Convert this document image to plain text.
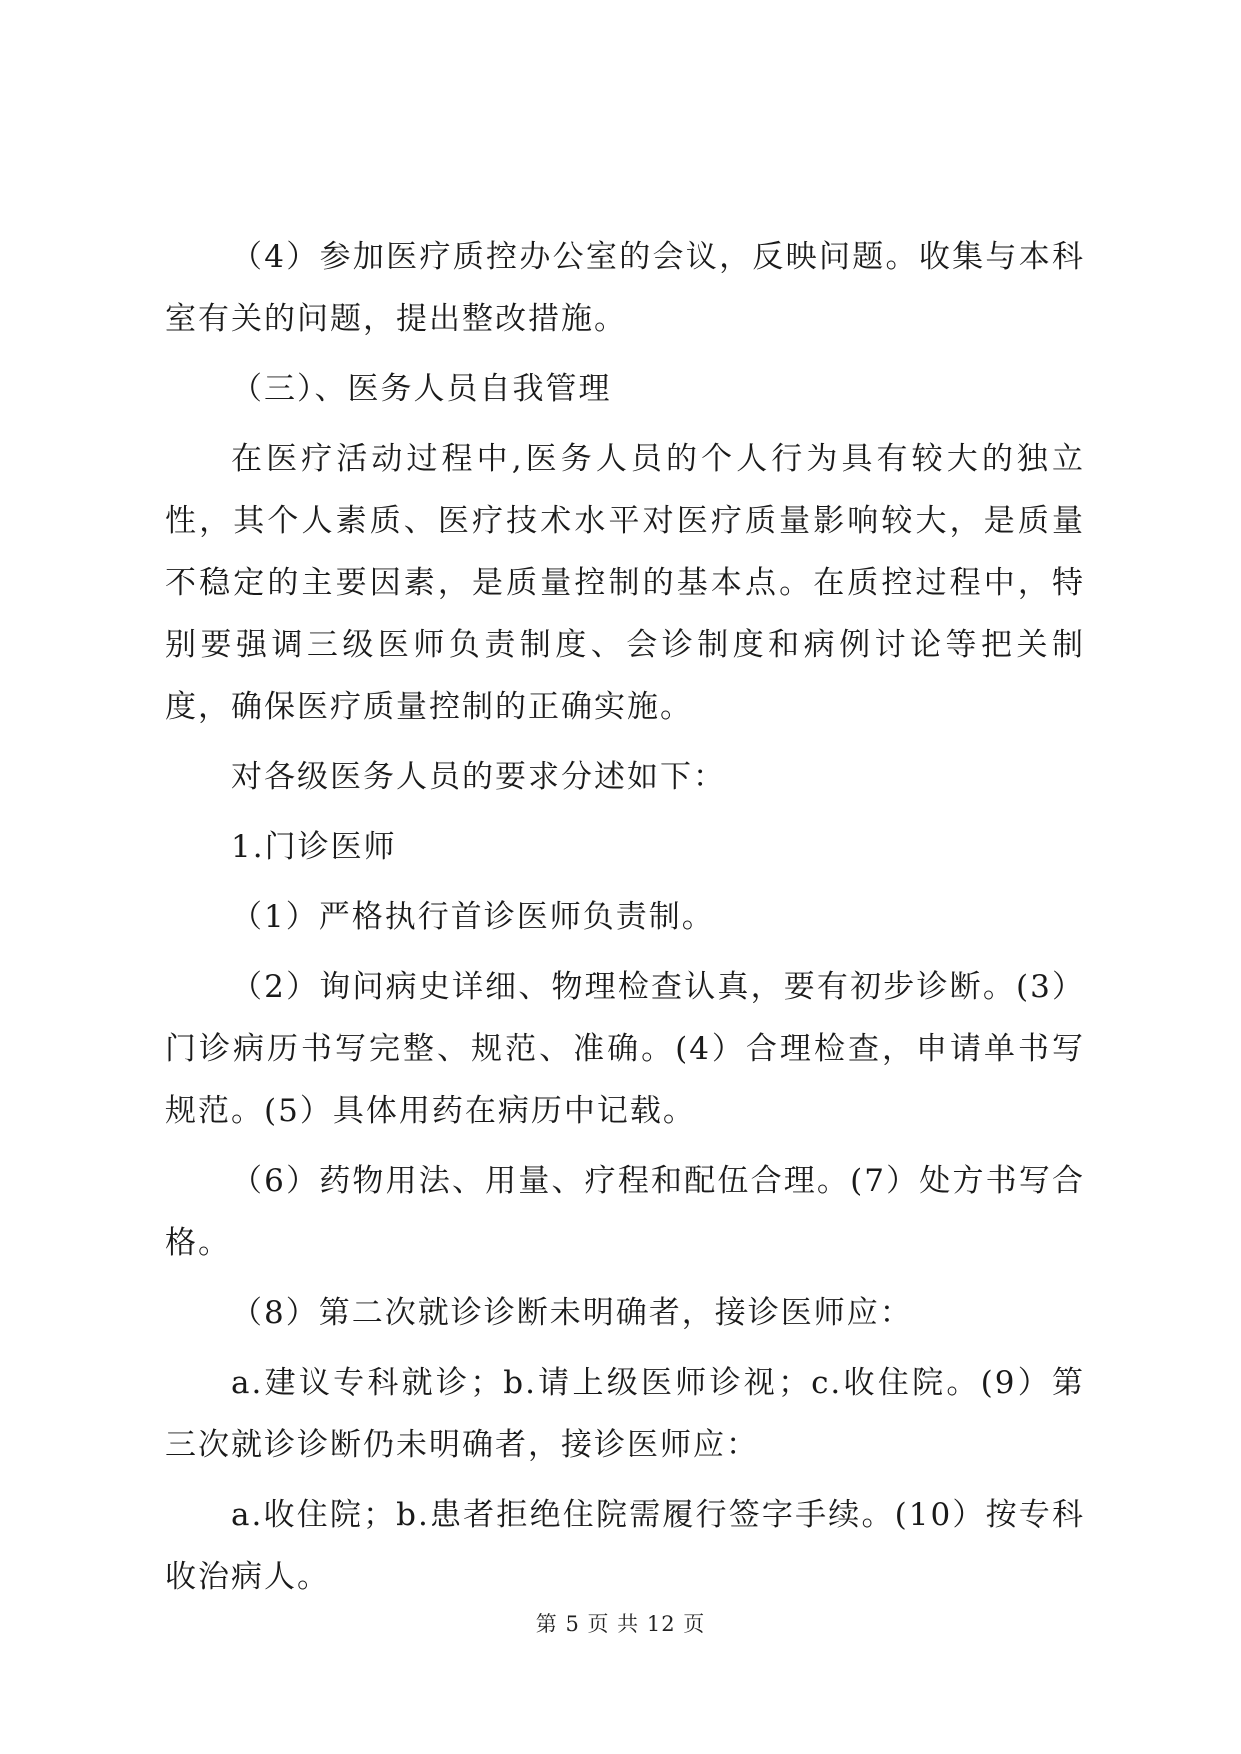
（4）参加医疗质控办公室的会议，反映问题。收集与本科室有关的问题，提出整改措施。

（三）、医务人员自我管理

在医疗活动过程中,医务人员的个人行为具有较大的独立性，其个人素质、医疗技术水平对医疗质量影响较大，是质量不稳定的主要因素，是质量控制的基本点。在质控过程中，特别要强调三级医师负责制度、会诊制度和病例讨论等把关制度，确保医疗质量控制的正确实施。

对各级医务人员的要求分述如下：

1.门诊医师

（1）严格执行首诊医师负责制。

（2）询问病史详细、物理检查认真，要有初步诊断。(3）门诊病历书写完整、规范、准确。(4）合理检查，申请单书写规范。(5）具体用药在病历中记载。

（6）药物用法、用量、疗程和配伍合理。(7）处方书写合格。

（8）第二次就诊诊断未明确者，接诊医师应：

a.建议专科就诊；b.请上级医师诊视；c.收住院。(9）第三次就诊诊断仍未明确者，接诊医师应：

a.收住院；b.患者拒绝住院需履行签字手续。(10）按专科收治病人。

第 5 页 共 12 页
